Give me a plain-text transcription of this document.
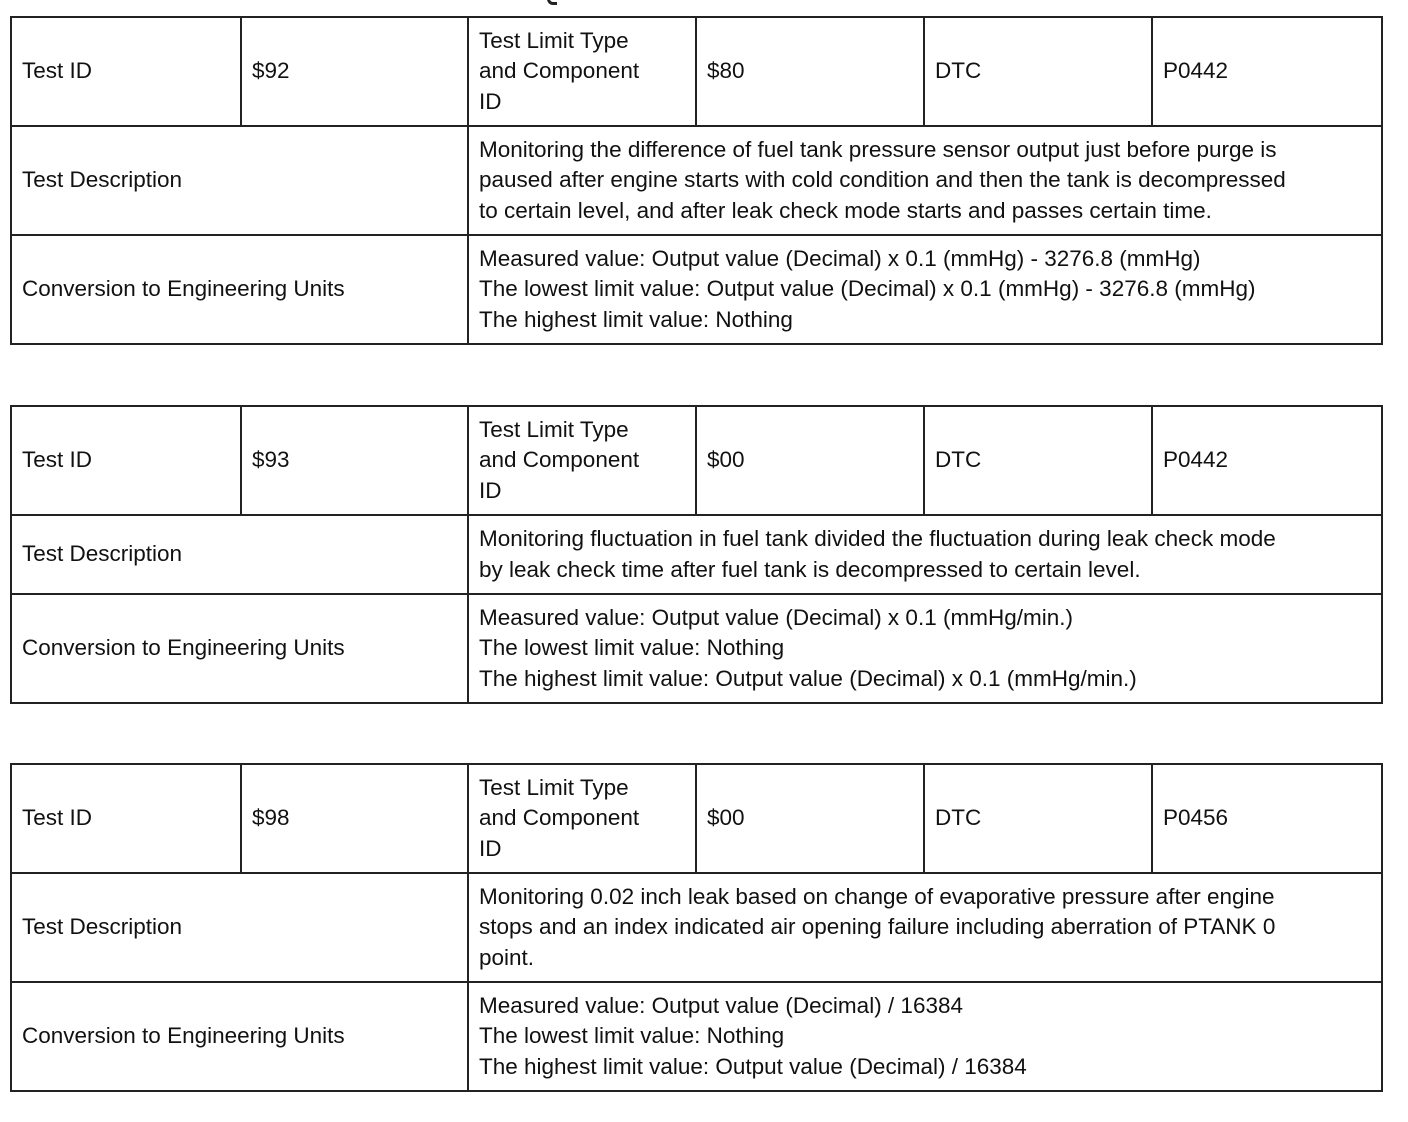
Test ID	$92	Test Limit Type
and Component
ID	$80	DTC	P0442
Test Description		Monitoring the difference of fuel tank pressure sensor output just before purge is
paused after engine starts with cold condition and then the tank is decompressed
to certain level, and after leak check mode starts and passes certain time.			
Conversion to Engineering Units		Measured value: Output value (Decimal) x 0.1 (mmHg) - 3276.8 (mmHg)
The lowest limit value: Output value (Decimal) x 0.1 (mmHg) - 3276.8 (mmHg)
The highest limit value: Nothing			
Test ID	$93	Test Limit Type
and Component
ID	$00	DTC	P0442
Test Description		Monitoring fluctuation in fuel tank divided the fluctuation during leak check mode
by leak check time after fuel tank is decompressed to certain level.			
Conversion to Engineering Units		Measured value: Output value (Decimal) x 0.1 (mmHg/min.)
The lowest limit value: Nothing
The highest limit value: Output value (Decimal) x 0.1 (mmHg/min.)			
Test ID	$98	Test Limit Type
and Component
ID	$00	DTC	P0456
Test Description		Monitoring 0.02 inch leak based on change of evaporative pressure after engine
stops and an index indicated air opening failure including aberration of PTANK 0
point.			
Conversion to Engineering Units		Measured value: Output value (Decimal) / 16384
The lowest limit value: Nothing
The highest limit value: Output value (Decimal) / 16384			
